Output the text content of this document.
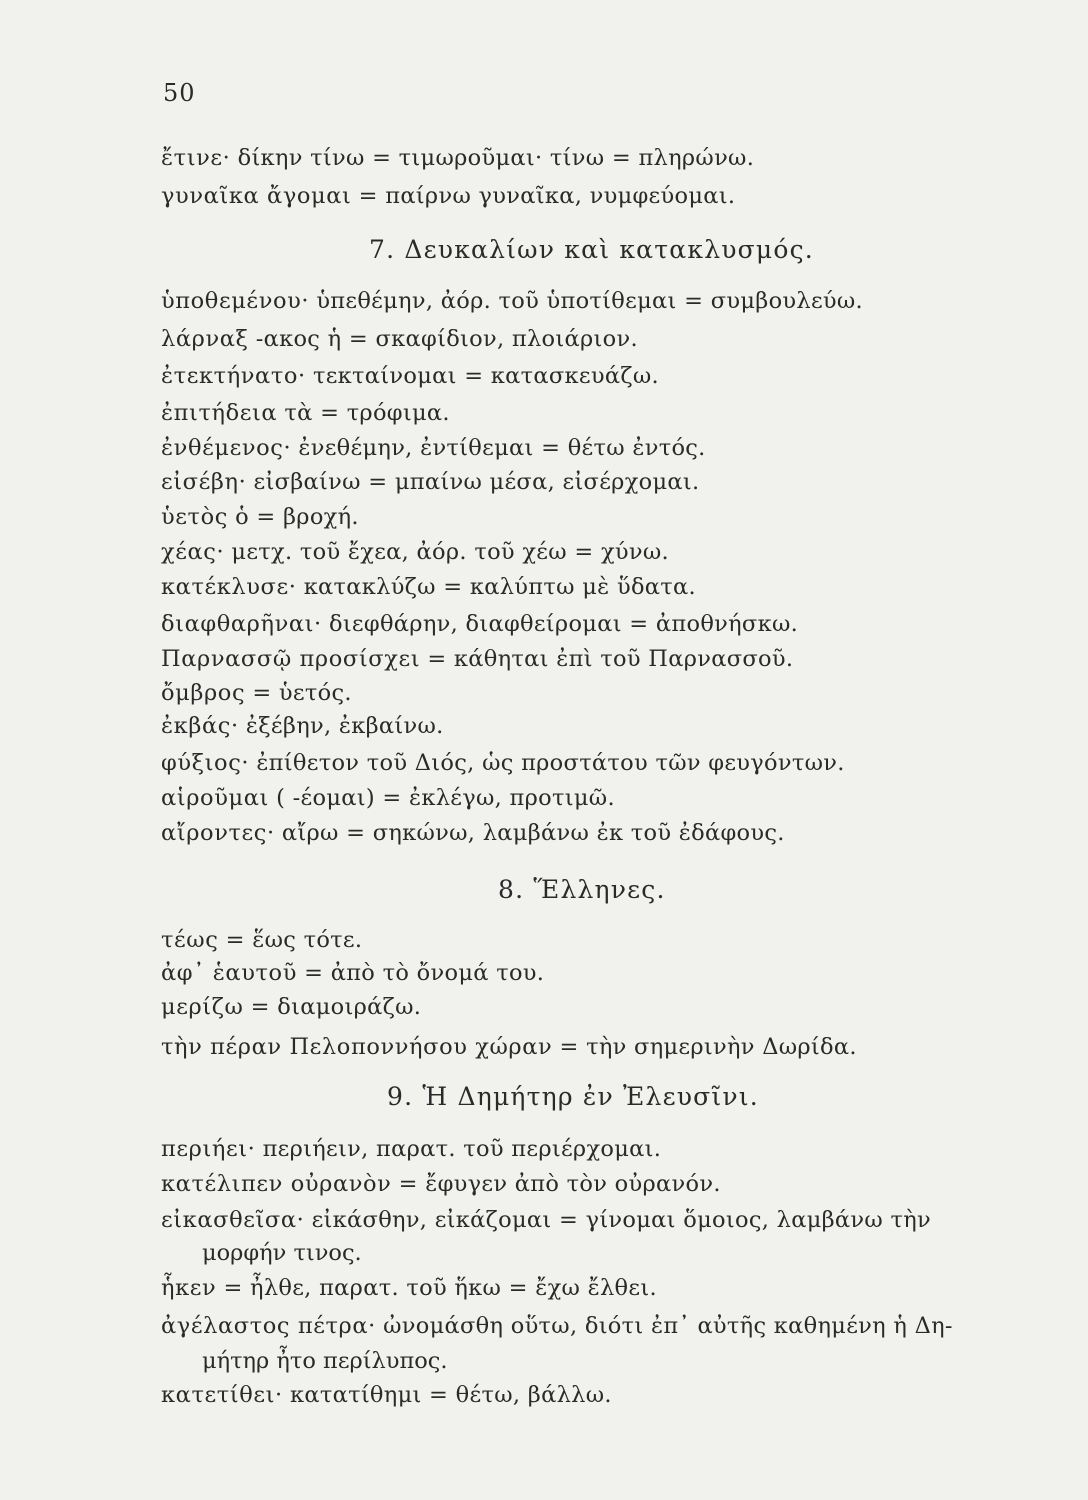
50
ἔτινε· δίκην τίνω = τιμωροῦμαι· τίνω = πληρώνω.
γυναῖκα ἄγομαι = παίρνω γυναῖκα, νυμφεύομαι.
7. Δευκαλίων καὶ κατακλυσμός.
ὑποθεμένου· ὑπεθέμην, ἀόρ. τοῦ ὑποτίθεμαι = συμβουλεύω.
λάρναξ -ακος ἡ = σκαφίδιον, πλοιάριον.
ἐτεκτήνατο· τεκταίνομαι = κατασκευάζω.
ἐπιτήδεια τὰ = τρόφιμα.
ἐνθέμενος· ἐνεθέμην, ἐντίθεμαι = θέτω ἐντός.
εἰσέβη· εἰσβαίνω = μπαίνω μέσα, εἰσέρχομαι.
ὑετὸς ὁ = βροχή.
χέας· μετχ. τοῦ ἔχεα, ἀόρ. τοῦ χέω = χύνω.
κατέκλυσε· κατακλύζω = καλύπτω μὲ ὕδατα.
διαφθαρῆναι· διεφθάρην, διαφθείρομαι = ἀποθνήσκω.
Παρνασσῷ προσίσχει = κάθηται ἐπὶ τοῦ Παρνασσοῦ.
ὄμβρος = ὑετός.
ἐκβάς· ἐξέβην, ἐκβαίνω.
φύξιος· ἐπίθετον τοῦ Διός, ὡς προστάτου τῶν φευγόντων.
αἱροῦμαι ( -έομαι) = ἐκλέγω, προτιμῶ.
αἴροντες· αἴρω = σηκώνω, λαμβάνω ἐκ τοῦ ἐδάφους.
8. Ἕλληνες.
τέως = ἕως τότε.
ἀφ᾿ ἑαυτοῦ = ἀπὸ τὸ ὄνομά του.
μερίζω = διαμοιράζω.
τὴν πέραν Πελοποννήσου χώραν = τὴν σημερινὴν Δωρίδα.
9. Ἡ Δημήτηρ ἐν Ἐλευσῖνι.
περιήει· περιήειν, παρατ. τοῦ περιέρχομαι.
κατέλιπεν οὐρανὸν = ἔφυγεν ἀπὸ τὸν οὐρανόν.
εἰκασθεῖσα· εἰκάσθην, εἰκάζομαι = γίνομαι ὅμοιος, λαμβάνω τὴν
μορφήν τινος.
ἧκεν = ἦλθε, παρατ. τοῦ ἥκω = ἔχω ἔλθει.
ἀγέλαστος πέτρα· ὠνομάσθη οὕτω, διότι ἐπ᾿ αὐτῆς καθημένη ἡ Δη-
μήτηρ ἦτο περίλυπος.
κατετίθει· κατατίθημι = θέτω, βάλλω.
